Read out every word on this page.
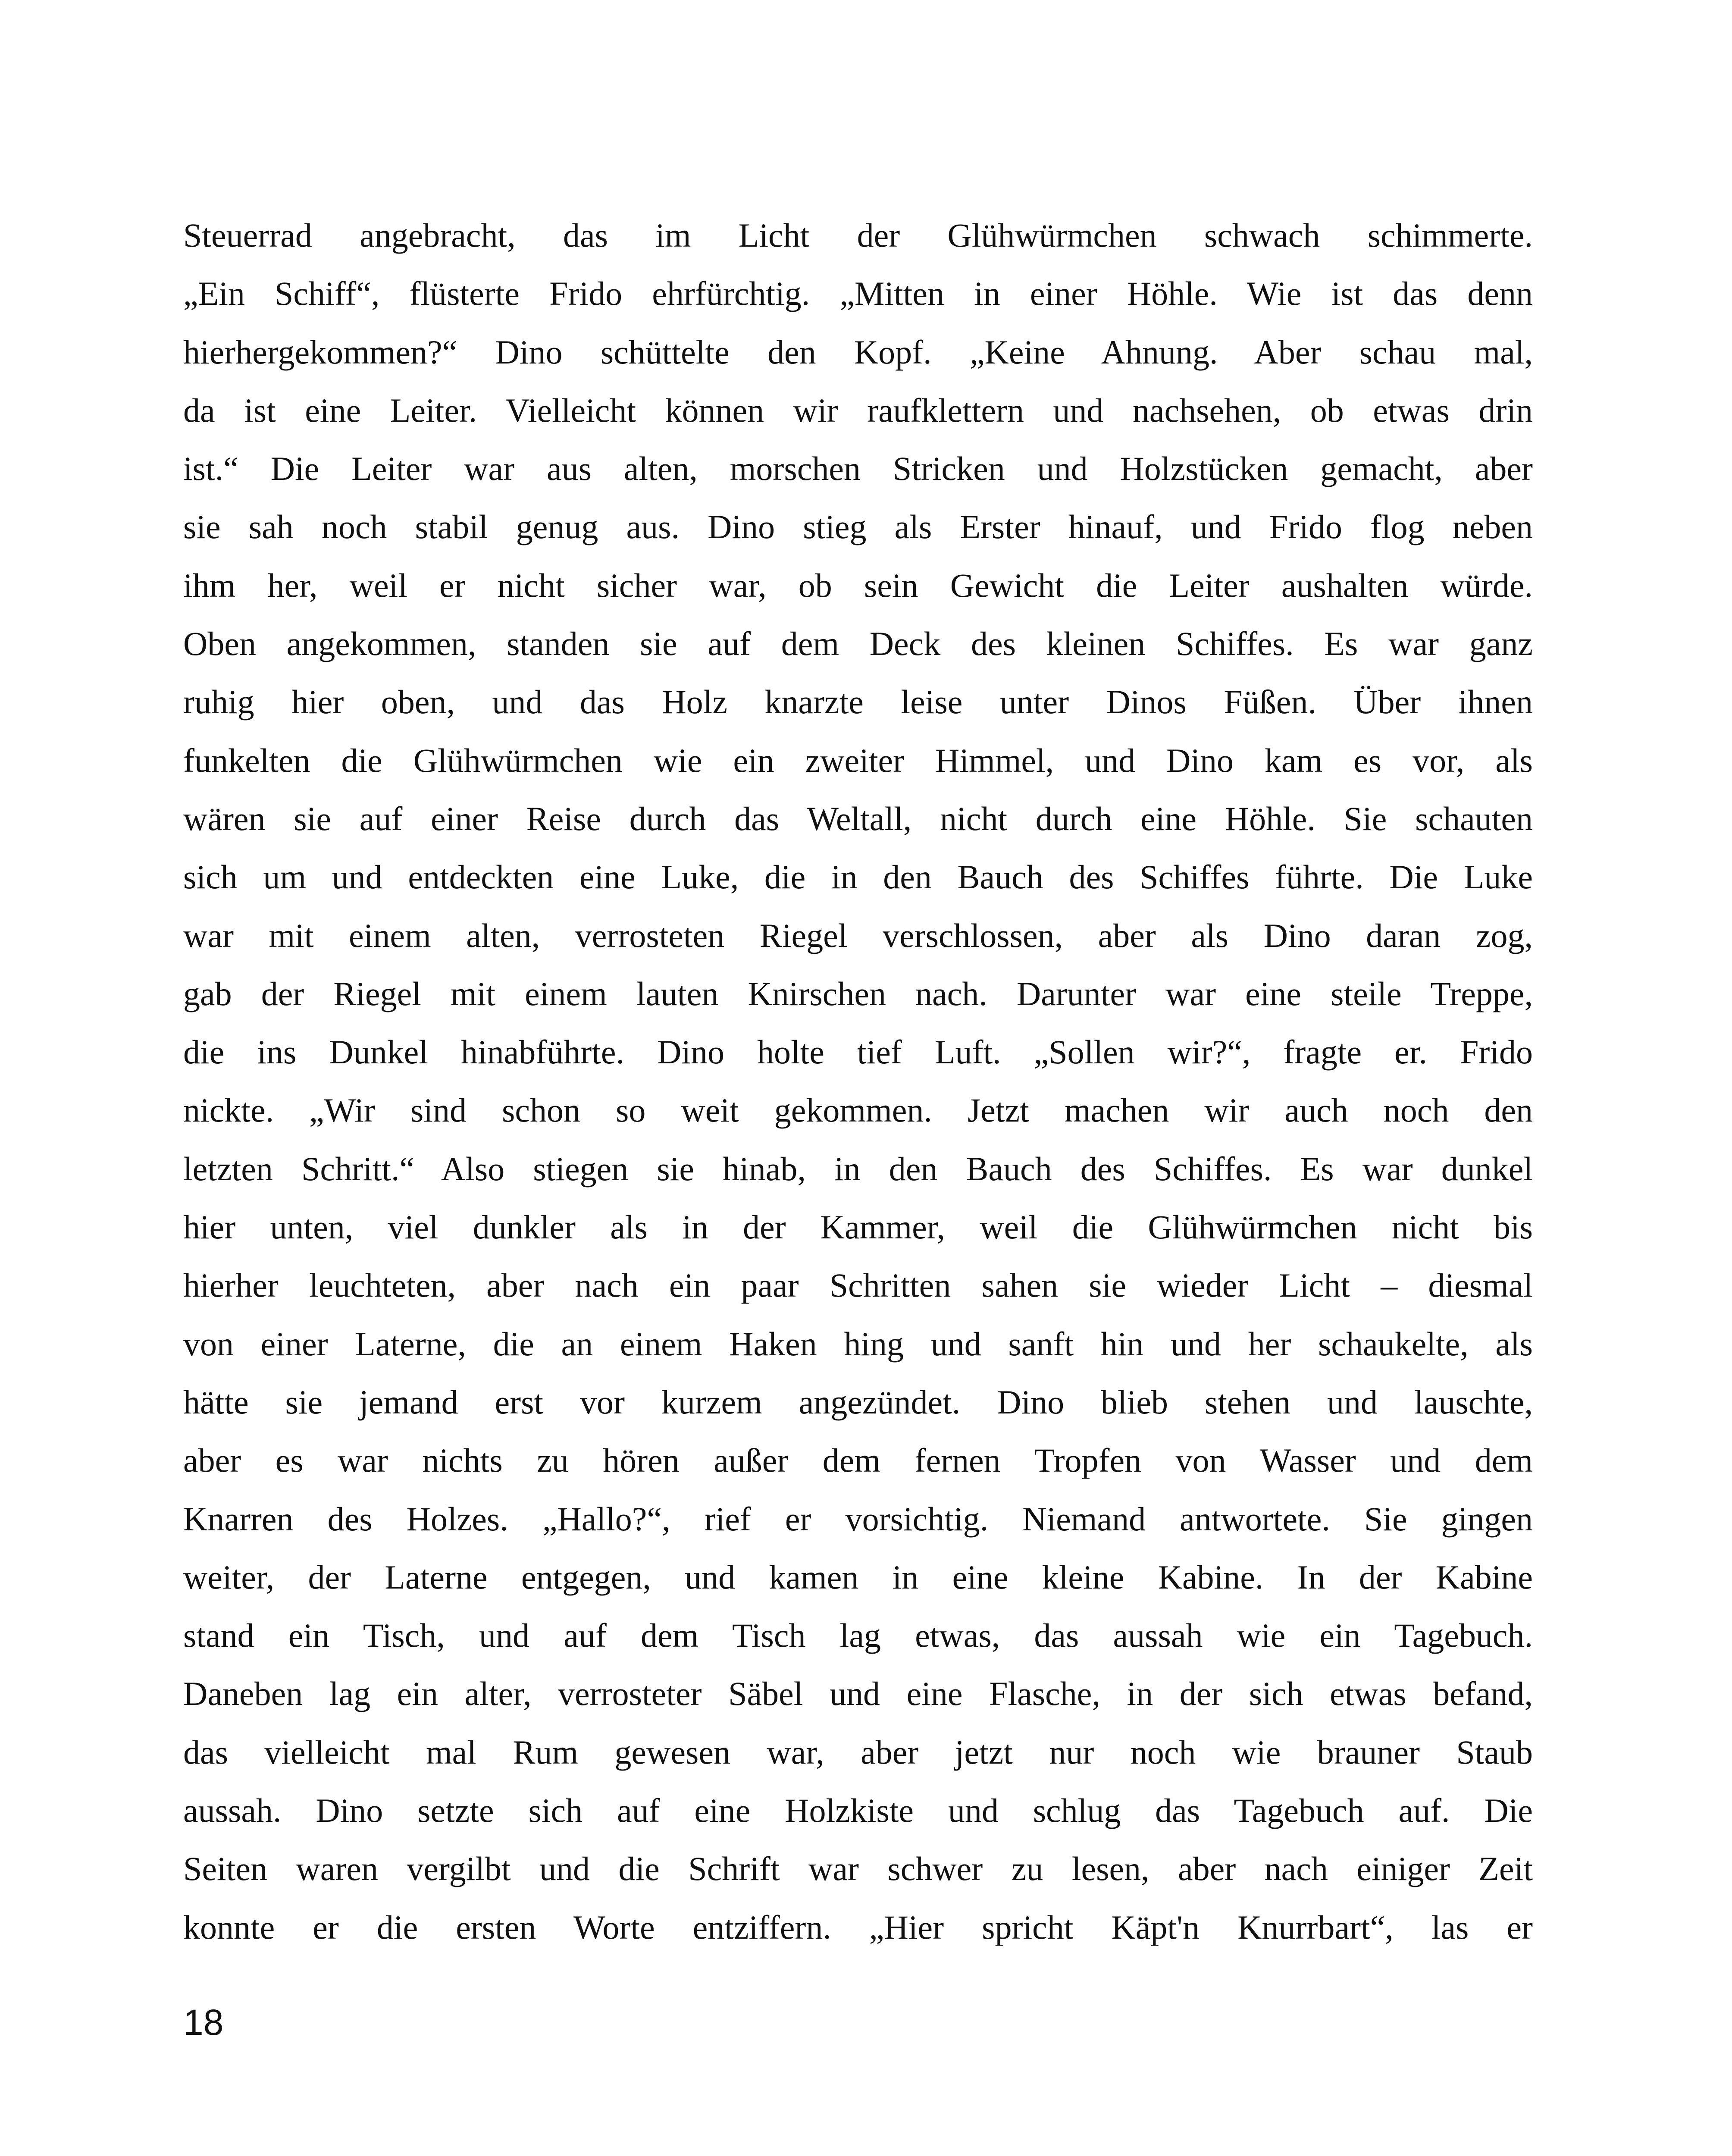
Steuerrad angebracht, das im Licht der Glühwürmchen schwach schimmerte.
„Ein Schiff“, flüsterte Frido ehrfürchtig. „Mitten in einer Höhle. Wie ist das denn
hierhergekommen?“ Dino schüttelte den Kopf. „Keine Ahnung. Aber schau mal,
da ist eine Leiter. Vielleicht können wir raufklettern und nachsehen, ob etwas drin
ist.“ Die Leiter war aus alten, morschen Stricken und Holzstücken gemacht, aber
sie sah noch stabil genug aus. Dino stieg als Erster hinauf, und Frido flog neben
ihm her, weil er nicht sicher war, ob sein Gewicht die Leiter aushalten würde.
Oben angekommen, standen sie auf dem Deck des kleinen Schiffes. Es war ganz
ruhig hier oben, und das Holz knarzte leise unter Dinos Füßen. Über ihnen
funkelten die Glühwürmchen wie ein zweiter Himmel, und Dino kam es vor, als
wären sie auf einer Reise durch das Weltall, nicht durch eine Höhle. Sie schauten
sich um und entdeckten eine Luke, die in den Bauch des Schiffes führte. Die Luke
war mit einem alten, verrosteten Riegel verschlossen, aber als Dino daran zog,
gab der Riegel mit einem lauten Knirschen nach. Darunter war eine steile Treppe,
die ins Dunkel hinabführte. Dino holte tief Luft. „Sollen wir?“, fragte er. Frido
nickte. „Wir sind schon so weit gekommen. Jetzt machen wir auch noch den
letzten Schritt.“ Also stiegen sie hinab, in den Bauch des Schiffes. Es war dunkel
hier unten, viel dunkler als in der Kammer, weil die Glühwürmchen nicht bis
hierher leuchteten, aber nach ein paar Schritten sahen sie wieder Licht – diesmal
von einer Laterne, die an einem Haken hing und sanft hin und her schaukelte, als
hätte sie jemand erst vor kurzem angezündet. Dino blieb stehen und lauschte,
aber es war nichts zu hören außer dem fernen Tropfen von Wasser und dem
Knarren des Holzes. „Hallo?“, rief er vorsichtig. Niemand antwortete. Sie gingen
weiter, der Laterne entgegen, und kamen in eine kleine Kabine. In der Kabine
stand ein Tisch, und auf dem Tisch lag etwas, das aussah wie ein Tagebuch.
Daneben lag ein alter, verrosteter Säbel und eine Flasche, in der sich etwas befand,
das vielleicht mal Rum gewesen war, aber jetzt nur noch wie brauner Staub
aussah. Dino setzte sich auf eine Holzkiste und schlug das Tagebuch auf. Die
Seiten waren vergilbt und die Schrift war schwer zu lesen, aber nach einiger Zeit
konnte er die ersten Worte entziffern. „Hier spricht Käpt'n Knurrbart“, las er
18
